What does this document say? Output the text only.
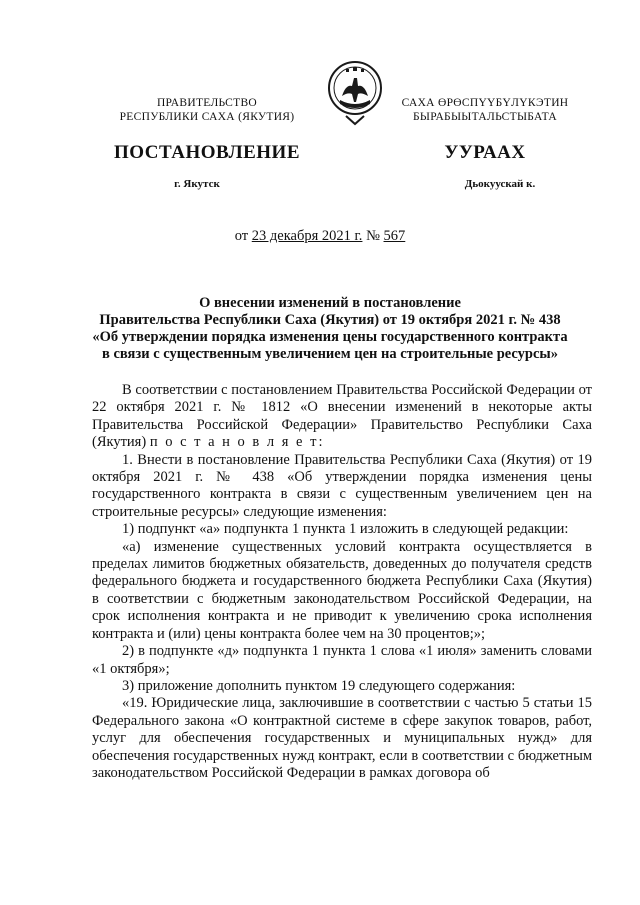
ПРАВИТЕЛЬСТВО
РЕСПУБЛИКИ САХА (ЯКУТИЯ)
САХА ӨРӨСПҮҮБҮЛҮКЭТИН
БЫРАБЫЫТАЛЬСТЫБАТА
ПОСТАНОВЛЕНИЕ	УУРААХ
г. Якутск	Дьокуускай к.
от 23 декабря 2021 г. № 567
О внесении изменений в постановление
Правительства Республики Саха (Якутия) от 19 октября 2021 г. № 438
«Об утверждении порядка изменения цены государственного контракта
в связи с существенным увеличением цен на строительные ресурсы»

В соответствии с постановлением Правительства Российской Федерации от 22 октября 2021 г. № 1812 «О внесении изменений в некоторые акты Правительства Российской Федерации» Правительство Республики Саха (Якутия) п о с т а н о в л я е т:

1. Внести в постановление Правительства Республики Саха (Якутия) от 19 октября 2021 г. № 438 «Об утверждении порядка изменения цены государственного контракта в связи с существенным увеличением цен на строительные ресурсы» следующие изменения:

1) подпункт «а» подпункта 1 пункта 1 изложить в следующей редакции:

«а) изменение существенных условий контракта осуществляется в пределах лимитов бюджетных обязательств, доведенных до получателя средств федерального бюджета и государственного бюджета Республики Саха (Якутия) в соответствии с бюджетным законодательством Российской Федерации, на срок исполнения контракта и не приводит к увеличению срока исполнения контракта и (или) цены контракта более чем на 30 процентов;»;

2) в подпункте «д» подпункта 1 пункта 1 слова «1 июля» заменить словами «1 октября»;

3) приложение дополнить пунктом 19 следующего содержания:

«19. Юридические лица, заключившие в соответствии с частью 5 статьи 15 Федерального закона «О контрактной системе в сфере закупок товаров, работ, услуг для обеспечения государственных и муниципальных нужд» для обеспечения государственных нужд контракт, если в соответствии с бюджетным законодательством Российской Федерации в рамках договора об
